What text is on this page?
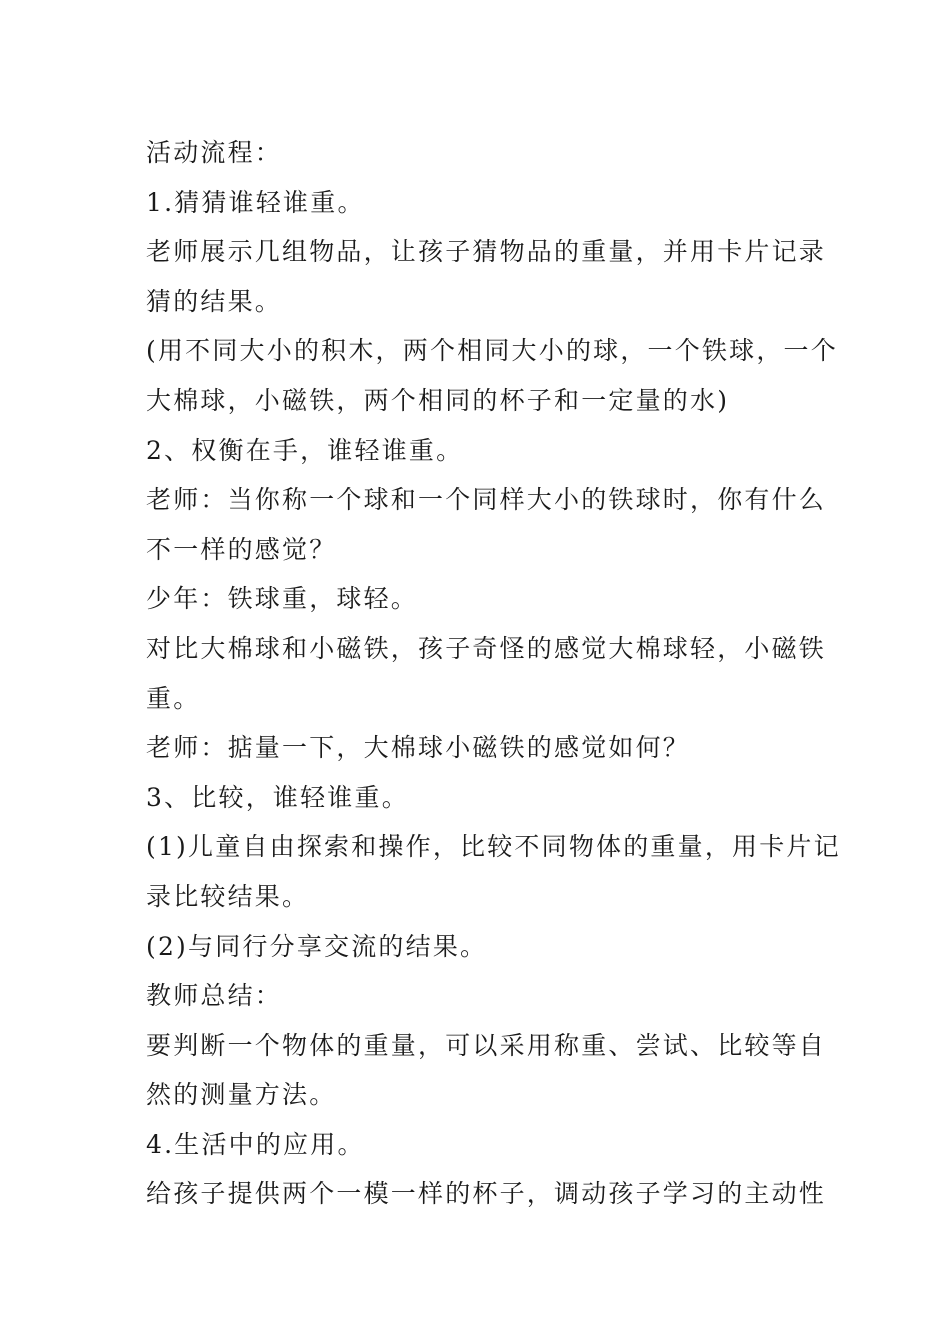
活动流程：

1.猜猜谁轻谁重。

老师展示几组物品，让孩子猜物品的重量，并用卡片记录

猜的结果。

(用不同大小的积木，两个相同大小的球，一个铁球，一个

大棉球，小磁铁，两个相同的杯子和一定量的水)

2、权衡在手，谁轻谁重。

老师：当你称一个球和一个同样大小的铁球时，你有什么

不一样的感觉？

少年：铁球重，球轻。

对比大棉球和小磁铁，孩子奇怪的感觉大棉球轻，小磁铁

重。

老师：掂量一下，大棉球小磁铁的感觉如何？

3、比较，谁轻谁重。

(1)儿童自由探索和操作，比较不同物体的重量，用卡片记

录比较结果。

(2)与同行分享交流的结果。

教师总结：

要判断一个物体的重量，可以采用称重、尝试、比较等自

然的测量方法。

4.生活中的应用。

给孩子提供两个一模一样的杯子，调动孩子学习的主动性
